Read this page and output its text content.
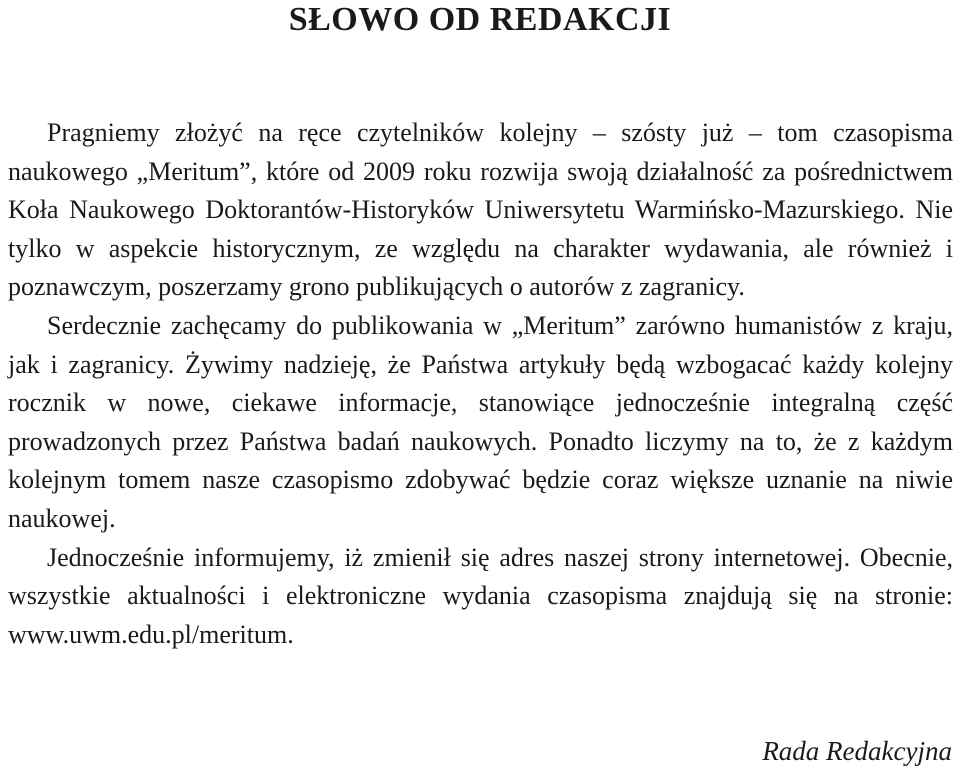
SŁOWO OD REDAKCJI

Pragniemy złożyć na ręce czytelników kolejny – szósty już – tom czasopisma naukowego „Meritum”, które od 2009 roku rozwija swoją działalność za pośrednictwem Koła Naukowego Doktorantów-Historyków Uniwersytetu Warmińsko-Mazurskiego. Nie tylko w aspekcie historycznym, ze względu na charakter wydawania, ale również i poznawczym, poszerzamy grono publikujących o autorów z zagranicy.

Serdecznie zachęcamy do publikowania w „Meritum” zarówno humanistów z kraju, jak i zagranicy. Żywimy nadzieję, że Państwa artykuły będą wzbogacać każdy kolejny rocznik w nowe, ciekawe informacje, stanowiące jednocześnie integralną część prowadzonych przez Państwa badań naukowych. Ponadto liczymy na to, że z każdym kolejnym tomem nasze czasopismo zdobywać będzie coraz większe uznanie na niwie naukowej.

Jednocześnie informujemy, iż zmienił się adres naszej strony internetowej. Obecnie, wszystkie aktualności i elektroniczne wydania czasopisma znajdują się na stronie: www.uwm.edu.pl/meritum.

Rada Redakcyjna
